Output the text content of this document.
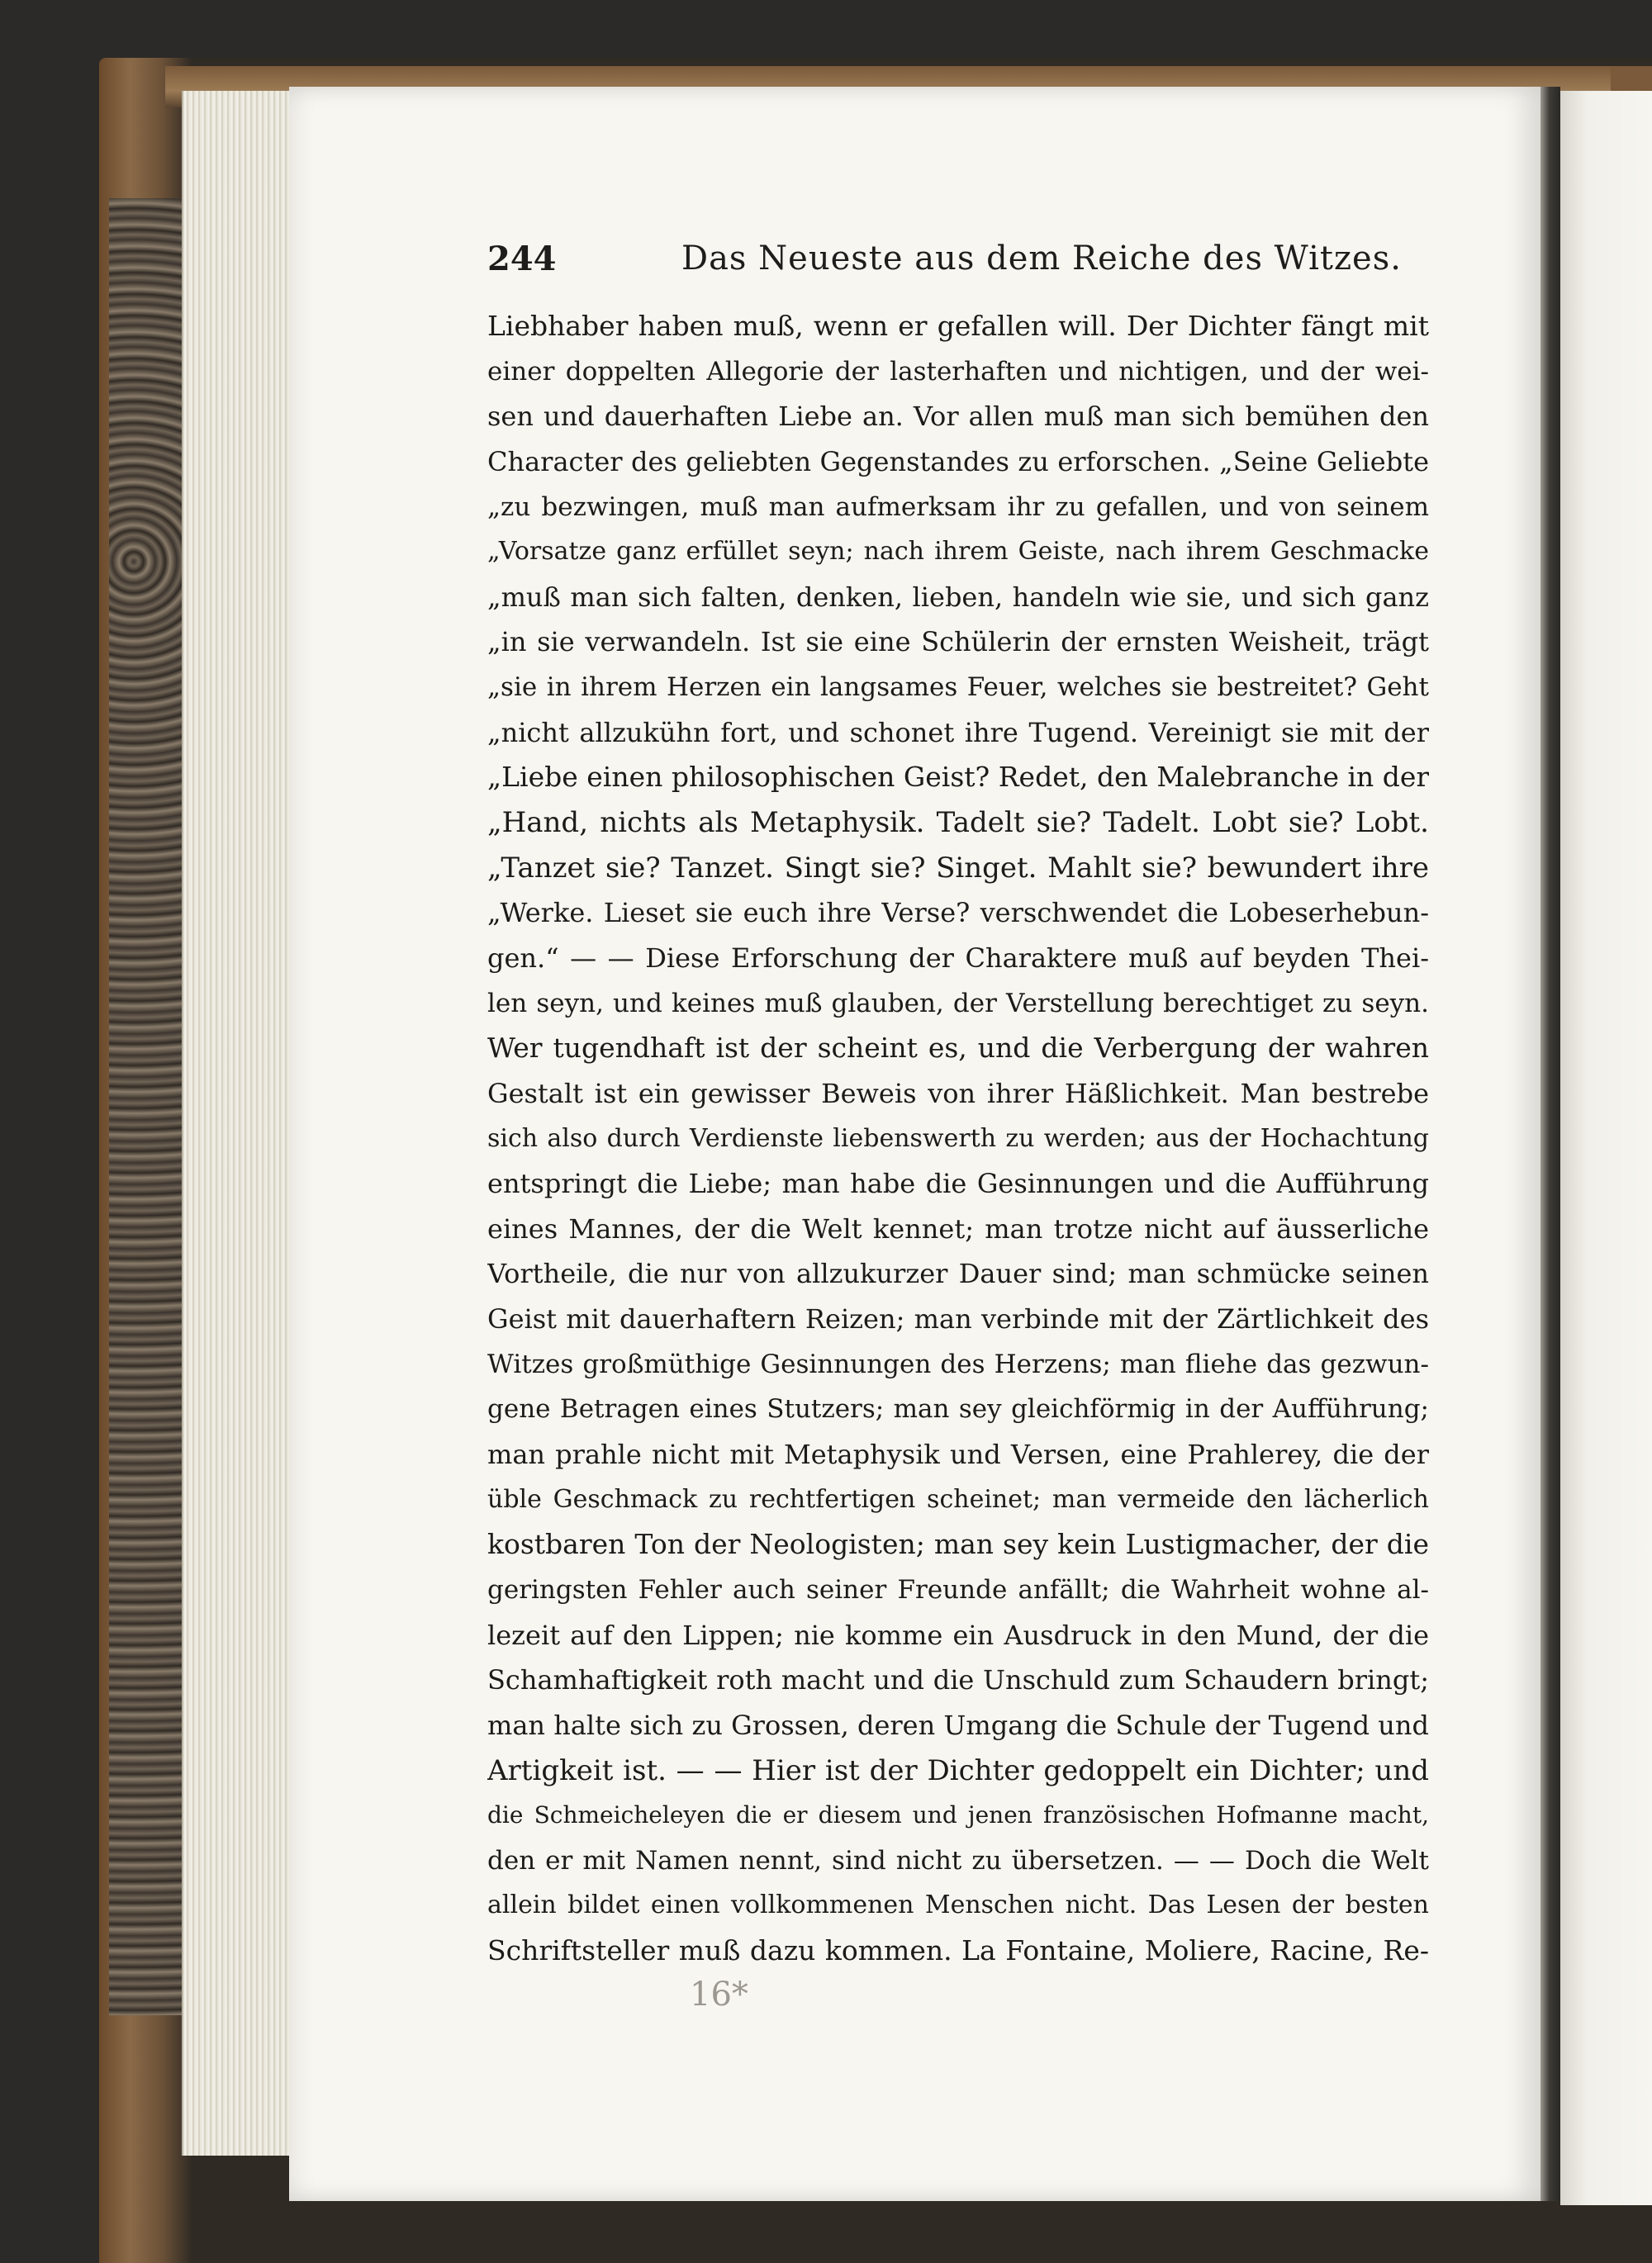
244	Das Neueste aus dem Reiche des Witzes.
Liebhaber haben muß, wenn er gefallen will. Der Dichter fängt mit
einer doppelten Allegorie der lasterhaften und nichtigen, und der wei-
sen und dauerhaften Liebe an. Vor allen muß man sich bemühen den
Character des geliebten Gegenstandes zu erforschen. „Seine Geliebte
„zu bezwingen, muß man aufmerksam ihr zu gefallen, und von seinem
„Vorsatze ganz erfüllet seyn; nach ihrem Geiste, nach ihrem Geschmacke
„muß man sich falten, denken, lieben, handeln wie sie, und sich ganz
„in sie verwandeln. Ist sie eine Schülerin der ernsten Weisheit, trägt
„sie in ihrem Herzen ein langsames Feuer, welches sie bestreitet? Geht
„nicht allzukühn fort, und schonet ihre Tugend. Vereinigt sie mit der
„Liebe einen philosophischen Geist? Redet, den Malebranche in der
„Hand, nichts als Metaphysik. Tadelt sie? Tadelt. Lobt sie? Lobt.
„Tanzet sie? Tanzet. Singt sie? Singet. Mahlt sie? bewundert ihre
„Werke. Lieset sie euch ihre Verse? verschwendet die Lobeserhebun-
gen.“ — — Diese Erforschung der Charaktere muß auf beyden Thei-
len seyn, und keines muß glauben, der Verstellung berechtiget zu seyn.
Wer tugendhaft ist der scheint es, und die Verbergung der wahren
Gestalt ist ein gewisser Beweis von ihrer Häßlichkeit. Man bestrebe
sich also durch Verdienste liebenswerth zu werden; aus der Hochachtung
entspringt die Liebe; man habe die Gesinnungen und die Aufführung
eines Mannes, der die Welt kennet; man trotze nicht auf äusserliche
Vortheile, die nur von allzukurzer Dauer sind; man schmücke seinen
Geist mit dauerhaftern Reizen; man verbinde mit der Zärtlichkeit des
Witzes großmüthige Gesinnungen des Herzens; man fliehe das gezwun-
gene Betragen eines Stutzers; man sey gleichförmig in der Aufführung;
man prahle nicht mit Metaphysik und Versen, eine Prahlerey, die der
üble Geschmack zu rechtfertigen scheinet; man vermeide den lächerlich
kostbaren Ton der Neologisten; man sey kein Lustigmacher, der die
geringsten Fehler auch seiner Freunde anfällt; die Wahrheit wohne al-
lezeit auf den Lippen; nie komme ein Ausdruck in den Mund, der die
Schamhaftigkeit roth macht und die Unschuld zum Schaudern bringt;
man halte sich zu Grossen, deren Umgang die Schule der Tugend und
Artigkeit ist. — — Hier ist der Dichter gedoppelt ein Dichter; und
die Schmeicheleyen die er diesem und jenen französischen Hofmanne macht,
den er mit Namen nennt, sind nicht zu übersetzen. — — Doch die Welt
allein bildet einen vollkommenen Menschen nicht. Das Lesen der besten
Schriftsteller muß dazu kommen. La Fontaine, Moliere, Racine, Re-
16*
